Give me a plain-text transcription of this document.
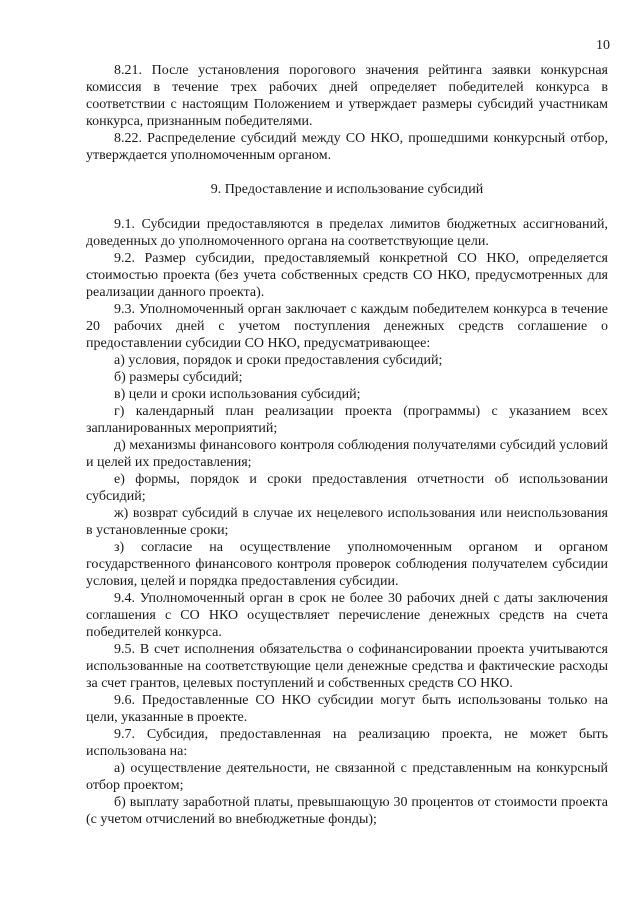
10

8.21. После установления порогового значения рейтинга заявки конкурсная комиссия в течение трех рабочих дней определяет победителей конкурса в соответствии с настоящим Положением и утверждает размеры субсидий участникам конкурса, признанным победителями.

8.22. Распределение субсидий между СО НКО, прошедшими конкурсный отбор, утверждается уполномоченным органом.

9. Предоставление и использование субсидий

9.1. Субсидии предоставляются в пределах лимитов бюджетных ассигнований, доведенных до уполномоченного органа на соответствующие цели.

9.2. Размер субсидии, предоставляемый конкретной СО НКО, определяется стоимостью проекта (без учета собственных средств СО НКО, предусмотренных для реализации данного проекта).

9.3. Уполномоченный орган заключает с каждым победителем конкурса в течение 20 рабочих дней с учетом поступления денежных средств соглашение о предоставлении субсидии СО НКО, предусматривающее:

а) условия, порядок и сроки предоставления субсидий;

б) размеры субсидий;

в) цели и сроки использования субсидий;

г) календарный план реализации проекта (программы) с указанием всех запланированных мероприятий;

д) механизмы финансового контроля соблюдения получателями субсидий условий и целей их предоставления;

е) формы, порядок и сроки предоставления отчетности об использовании субсидий;

ж) возврат субсидий в случае их нецелевого использования или неиспользования в установленные сроки;

з) согласие на осуществление уполномоченным органом и органом государственного финансового контроля проверок соблюдения получателем субсидии условия, целей и порядка предоставления субсидии.

9.4. Уполномоченный орган в срок не более 30 рабочих дней с даты заключения соглашения с СО НКО осуществляет перечисление денежных средств на счета победителей конкурса.

9.5. В счет исполнения обязательства о софинансировании проекта учитываются использованные на соответствующие цели денежные средства и фактические расходы за счет грантов, целевых поступлений и собственных средств СО НКО.

9.6. Предоставленные СО НКО субсидии могут быть использованы только на цели, указанные в проекте.

9.7. Субсидия, предоставленная на реализацию проекта, не может быть использована на:

а) осуществление деятельности, не связанной с представленным на конкурсный отбор проектом;

б) выплату заработной платы, превышающую 30 процентов от стоимости проекта (с учетом отчислений во внебюджетные фонды);
